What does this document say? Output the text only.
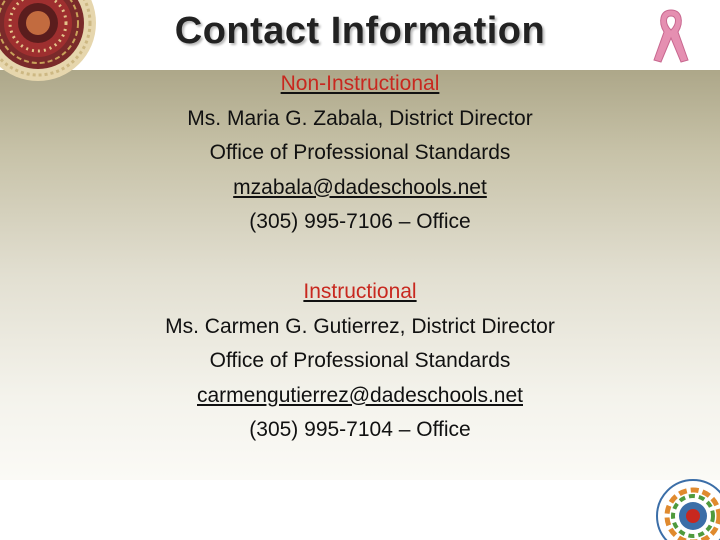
Contact Information
Non-Instructional
Ms. Maria G. Zabala, District Director
Office of Professional Standards
mzabala@dadeschools.net
(305) 995-7106 – Office
Instructional
Ms. Carmen G. Gutierrez, District Director
Office of Professional Standards
carmengutierrez@dadeschools.net
(305) 995-7104 – Office
